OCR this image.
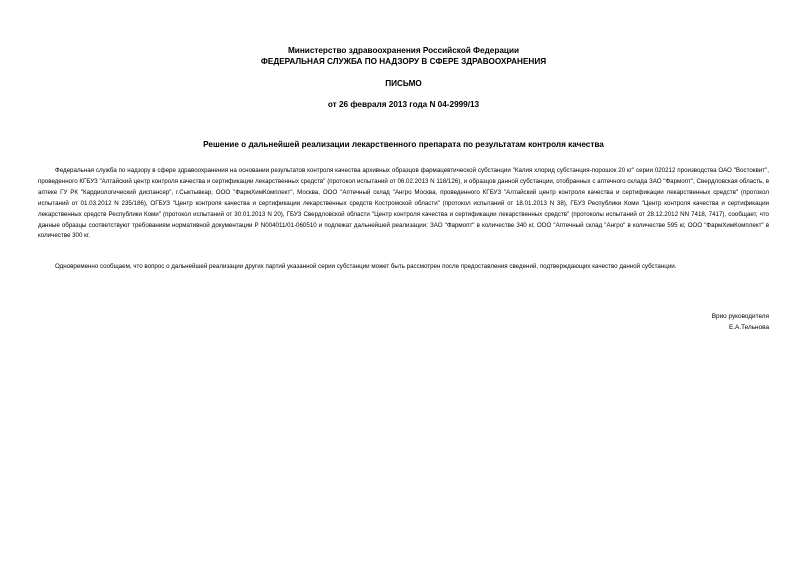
Министерство здравоохранения Российской Федерации
ФЕДЕРАЛЬНАЯ СЛУЖБА ПО НАДЗОРУ В СФЕРЕ ЗДРАВООХРАНЕНИЯ
ПИСЬМО
от 26 февраля 2013 года N 04-2999/13
Решение о дальнейшей реализации лекарственного препарата по результатам контроля качества

Федеральная служба по надзору в сфере здравоохранения на основании результатов контроля качества архивных образцов фармацевтической субстанции "Калия хлорид субстанция-порошок 20 кг" серии 020212 производства ОАО "Востоквит", проведенного КГБУЗ "Алтайский центр контроля качества и сертификации лекарственных средств" (протокол испытаний от 06.02.2013 N 118/126), и образцов данной субстанции, отобранных с аптечного склада ЗАО "Фармопт", Свердловская область, в аптеке ГУ РК "Кардиологический диспансер", г.Сыктывкар, ООО "ФармХимКомплект", Москва, ООО "Аптечный склад "Ангро Москва, проведенного КГБУЗ "Алтайский центр контроля качества и сертификации лекарственных средств" (протокол испытаний от 01.03.2012 N 235/186), ОГБУЗ "Центр контроля качества и сертификации лекарственных средств Костромской области" (протокол испытаний от 18.01.2013 N 38), ГБУЗ Республики Коми "Центр контроля качества и сертификации лекарственных средств Республики Коми" (протокол испытаний от 30.01.2013 N 20), ГБУЗ Свердловской области "Центр контроля качества и сертификации лекарственных средств" (протоколы испытаний от 28.12.2012 NN 7418, 7417), сообщает, что данные образцы соответствуют требованиям нормативной документации Р N004011/01-060510 и подлежат дальнейшей реализации: ЗАО "Фармопт" в количестве 340 кг, ООО "Аптечный склад "Ангро" в количестве 595 кг, ООО "ФармХимКомплект" в количестве 300 кг.

Одновременно сообщаем, что вопрос о дальнейшей реализации других партий указанной серии субстанции может быть рассмотрен после предоставления сведений, подтверждающих качество данной субстанции.

Врио руководителя
Е.А.Тельнова
